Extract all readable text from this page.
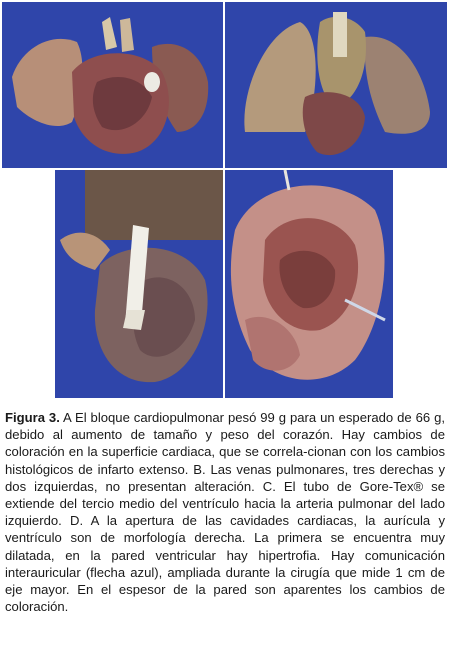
Figura 3. A El bloque cardiopulmonar pesó 99 g para un esperado de 66 g, debido al aumento de tamaño y peso del corazón. Hay cambios de coloración en la superficie cardiaca, que se correla-cionan con los cambios histológicos de infarto extenso. B. Las venas pulmonares, tres derechas y dos izquierdas, no presentan alteración. C. El tubo de Gore-Tex® se extiende del tercio medio del ventrículo hacia la arteria pulmonar del lado izquierdo. D. A la apertura de las cavidades cardiacas, la aurícula y ventrículo son de morfología derecha. La primera se encuentra muy dilatada, en la pared ventricular hay hipertrofia. Hay comunicación interauricular (flecha azul), ampliada durante la cirugía que mide 1 cm de eje mayor. En el espesor de la pared son aparentes los cambios de coloración.
